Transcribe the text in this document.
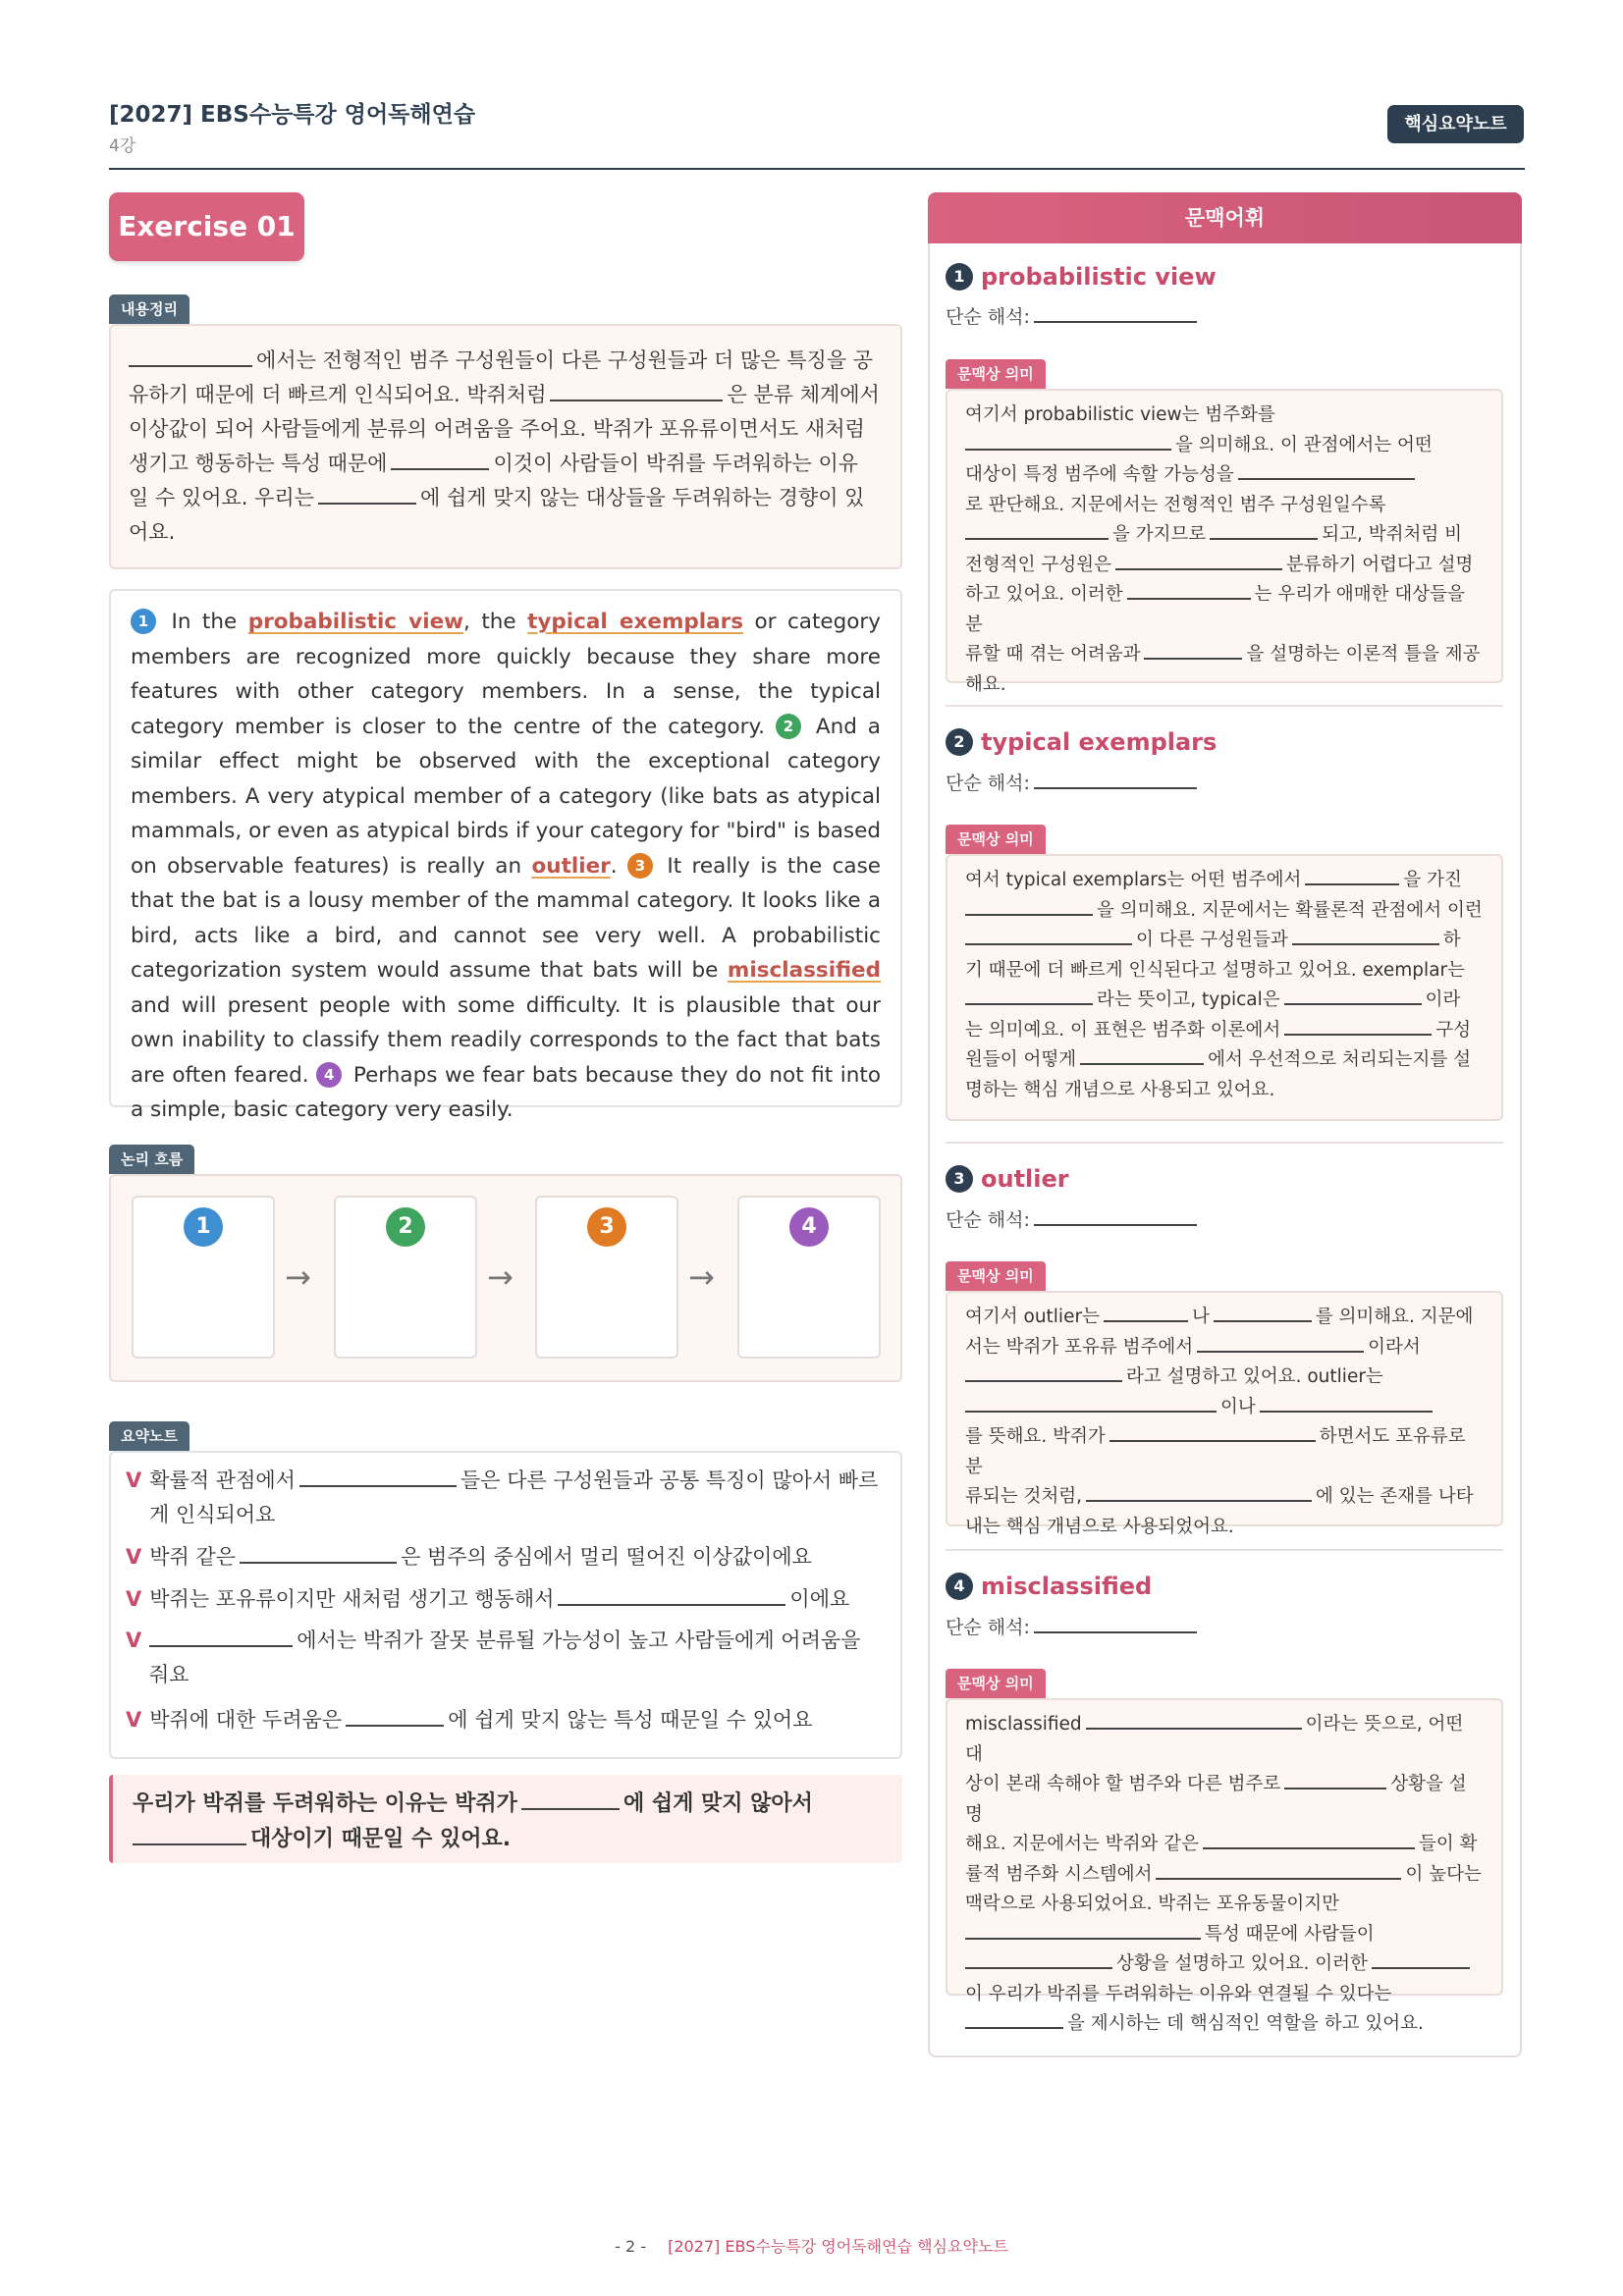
[2027] EBS수능특강 영어독해연습
4강
핵심요약노트
Exercise 01
내용정리
에서는 전형적인 범주 구성원들이 다른 구성원들과 더 많은 특징을 공
유하기 때문에 더 빠르게 인식되어요. 박쥐처럼	은 분류 체계에서
이상값이 되어 사람들에게 분류의 어려움을 주어요. 박쥐가 포유류이면서도 새처럼
생기고 행동하는 특성 때문에	이것이 사람들이 박쥐를 두려워하는 이유
일 수 있어요. 우리는	에 쉽게 맞지 않는 대상들을 두려워하는 경향이 있
어요.
1 In the probabilistic view, the typical exemplars or category members are recognized more quickly because they share more features with other category members. In a sense, the typical category member is closer to the centre of the category. 2 And a similar effect might be observed with the exceptional category members. A very atypical member of a category (like bats as atypical mammals, or even as atypical birds if your category for "bird" is based on observable features) is really an outlier. 3 It really is the case that the bat is a lousy member of the mammal category. It looks like a bird, acts like a bird, and cannot see very well. A probabilistic categorization system would assume that bats will be misclassified and will present people with some difficulty. It is plausible that our own inability to classify them readily corresponds to the fact that bats are often feared. 4 Perhaps we fear bats because they do not fit into a simple, basic category very easily.
논리 흐름
1
→
2
→
3
→
4
요약노트
V 확률적 관점에서	들은 다른 구성원들과 공통 특징이 많아서 빠르
게 인식되어요
V 박쥐 같은	은 범주의 중심에서 멀리 떨어진 이상값이에요
V 박쥐는 포유류이지만 새처럼 생기고 행동해서	이에요
V	에서는 박쥐가 잘못 분류될 가능성이 높고 사람들에게 어려움을
줘요
V 박쥐에 대한 두려움은	에 쉽게 맞지 않는 특성 때문일 수 있어요
우리가 박쥐를 두려워하는 이유는 박쥐가	에 쉽게 맞지 않아서
대상이기 때문일 수 있어요.
문맥어휘
1 probabilistic view
단순 해석:
문맥상 의미
여기서 probabilistic view는 범주화를
을 의미해요. 이 관점에서는 어떤
대상이 특정 범주에 속할 가능성을
로 판단해요. 지문에서는 전형적인 범주 구성원일수록
을 가지므로	되고, 박쥐처럼 비
전형적인 구성원은	분류하기 어렵다고 설명
하고 있어요. 이러한	는 우리가 애매한 대상들을 분
류할 때 겪는 어려움과	을 설명하는 이론적 틀을 제공
해요.
2 typical exemplars
단순 해석:
문맥상 의미
여서 typical exemplars는 어떤 범주에서	을 가진
을 의미해요. 지문에서는 확률론적 관점에서 이런
이 다른 구성원들과	하
기 때문에 더 빠르게 인식된다고 설명하고 있어요. exemplar는
라는 뜻이고, typical은	이라
는 의미예요. 이 표현은 범주화 이론에서	구성
원들이 어떻게	에서 우선적으로 처리되는지를 설
명하는 핵심 개념으로 사용되고 있어요.
3 outlier
단순 해석:
문맥상 의미
여기서 outlier는	나	를 의미해요. 지문에
서는 박쥐가 포유류 범주에서	이라서
라고 설명하고 있어요. outlier는
이나
를 뜻해요. 박쥐가	하면서도 포유류로 분
류되는 것처럼,	에 있는 존재를 나타
내는 핵심 개념으로 사용되었어요.
4 misclassified
단순 해석:
문맥상 의미
misclassified	이라는 뜻으로, 어떤 대
상이 본래 속해야 할 범주와 다른 범주로	상황을 설명
해요. 지문에서는 박쥐와 같은	들이 확
률적 범주화 시스템에서	이 높다는
맥락으로 사용되었어요. 박쥐는 포유동물이지만
특성 때문에 사람들이
상황을 설명하고 있어요. 이러한
이 우리가 박쥐를 두려워하는 이유와 연결될 수 있다는
을 제시하는 데 핵심적인 역할을 하고 있어요.
- 2 - [2027] EBS수능특강 영어독해연습 핵심요약노트
